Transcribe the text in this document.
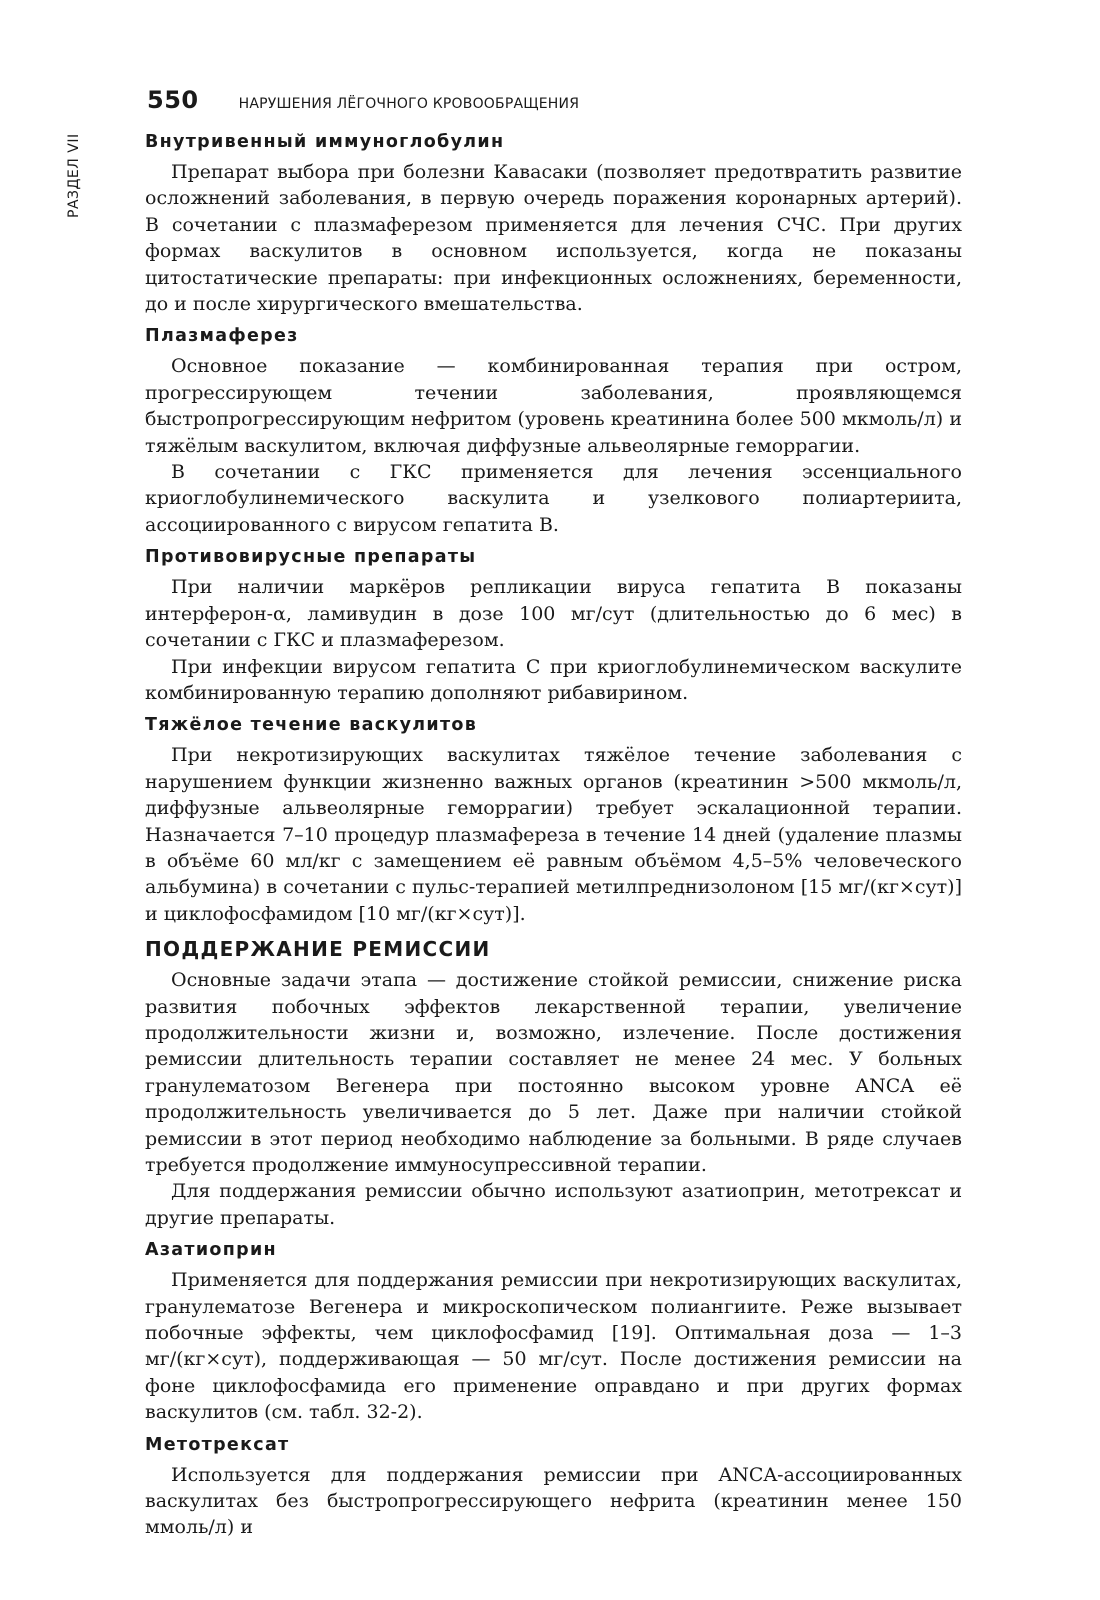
РАЗДЕЛ VII
550	НАРУШЕНИЯ ЛЁГОЧНОГО КРОВООБРАЩЕНИЯ
Внутривенный иммуноглобулин

Препарат выбора при болезни Кавасаки (позволяет предотвратить развитие осложнений заболевания, в первую очередь поражения коронарных артерий). В сочетании с плазмаферезом применяется для лечения СЧС. При других формах васкулитов в основном используется, когда не показаны цитостатические препараты: при инфекционных осложнениях, беременности, до и после хирургического вмешательства.

Плазмаферез

Основное показание — комбинированная терапия при остром, прогрессирующем течении заболевания, проявляющемся быстропрогрессирующим нефритом (уровень креатинина более 500 мкмоль/л) и тяжёлым васкулитом, включая диффузные альвеолярные геморрагии.

В сочетании с ГКС применяется для лечения эссенциального криоглобулинемического васкулита и узелкового полиартериита, ассоциированного с вирусом гепатита В.

Противовирусные препараты

При наличии маркёров репликации вируса гепатита В показаны интерферон-α, ламивудин в дозе 100 мг/сут (длительностью до 6 мес) в сочетании с ГКС и плазмаферезом.

При инфекции вирусом гепатита С при криоглобулинемическом васкулите комбинированную терапию дополняют рибавирином.

Тяжёлое течение васкулитов

При некротизирующих васкулитах тяжёлое течение заболевания с нарушением функции жизненно важных органов (креатинин >500 мкмоль/л, диффузные альвеолярные геморрагии) требует эскалационной терапии. Назначается 7–10 процедур плазмафереза в течение 14 дней (удаление плазмы в объёме 60 мл/кг с замещением её равным объёмом 4,5–5% человеческого альбумина) в сочетании с пульс-терапией метилпреднизолоном [15 мг/(кг×сут)] и циклофосфамидом [10 мг/(кг×сут)].

ПОДДЕРЖАНИЕ РЕМИССИИ

Основные задачи этапа — достижение стойкой ремиссии, снижение риска развития побочных эффектов лекарственной терапии, увеличение продолжительности жизни и, возможно, излечение. После достижения ремиссии длительность терапии составляет не менее 24 мес. У больных гранулематозом Вегенера при постоянно высоком уровне ANCA её продолжительность увеличивается до 5 лет. Даже при наличии стойкой ремиссии в этот период необходимо наблюдение за больными. В ряде случаев требуется продолжение иммуносупрессивной терапии.

Для поддержания ремиссии обычно используют азатиоприн, метотрексат и другие препараты.

Азатиоприн

Применяется для поддержания ремиссии при некротизирующих васкулитах, гранулематозе Вегенера и микроскопическом полиангиите. Реже вызывает побочные эффекты, чем циклофосфамид [19]. Оптимальная доза — 1–3 мг/(кг×сут), поддерживающая — 50 мг/сут. После достижения ремиссии на фоне циклофосфамида его применение оправдано и при других формах васкулитов (см. табл. 32-2).

Метотрексат

Используется для поддержания ремиссии при ANCA-ассоциированных васкулитах без быстропрогрессирующего нефрита (креатинин менее 150 ммоль/л) и
